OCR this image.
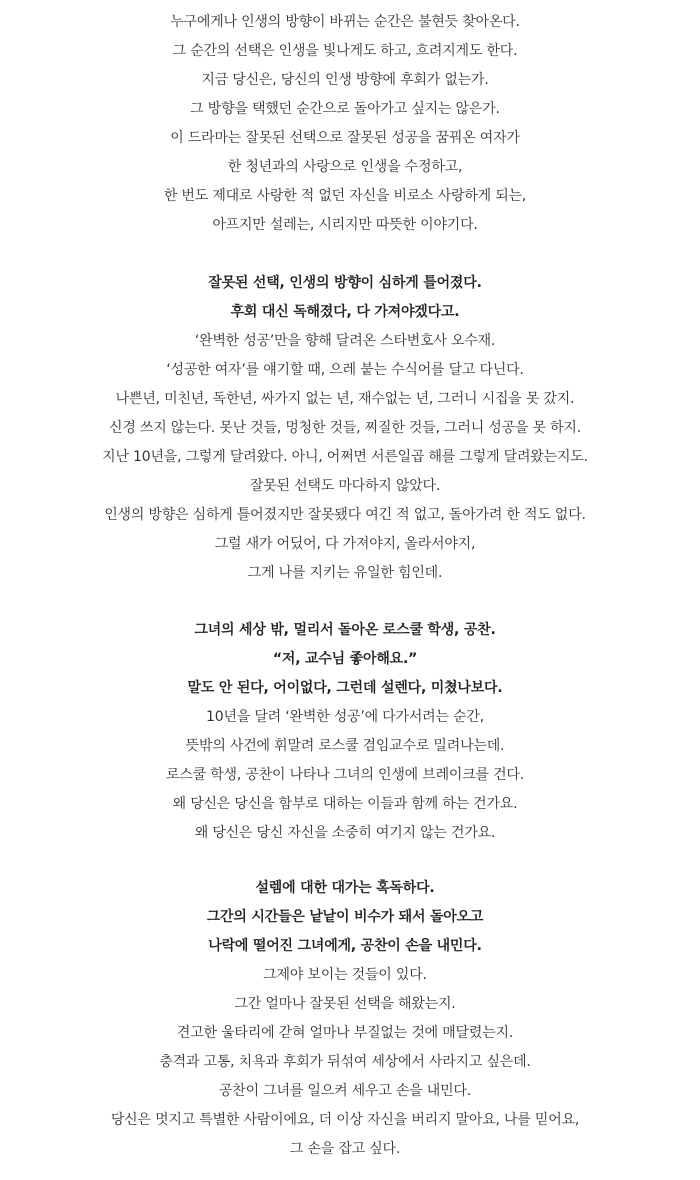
누구에게나 인생의 방향이 바뀌는 순간은 불현듯 찾아온다.
그 순간의 선택은 인생을 빛나게도 하고, 흐려지게도 한다.
지금 당신은, 당신의 인생 방향에 후회가 없는가.
그 방향을 택했던 순간으로 돌아가고 싶지는 않은가.
이 드라마는 잘못된 선택으로 잘못된 성공을 꿈꿔온 여자가
한 청년과의 사랑으로 인생을 수정하고,
한 번도 제대로 사랑한 적 없던 자신을 비로소 사랑하게 되는,
아프지만 설레는, 시리지만 따뜻한 이야기다.
잘못된 선택, 인생의 방향이 심하게 틀어졌다.
후회 대신 독해졌다, 다 가져야겠다고.
‘완벽한 성공’만을 향해 달려온 스타변호사 오수재.
‘성공한 여자’를 얘기할 때, 으레 붙는 수식어를 달고 다닌다.
나쁜년, 미친년, 독한년, 싸가지 없는 년, 재수없는 년, 그러니 시집을 못 갔지.
신경 쓰지 않는다. 못난 것들, 멍청한 것들, 찌질한 것들, 그러니 성공을 못 하지.
지난 10년을, 그렇게 달려왔다. 아니, 어쩌면 서른일곱 해를 그렇게 달려왔는지도.
잘못된 선택도 마다하지 않았다.
인생의 방향은 심하게 틀어졌지만 잘못됐다 여긴 적 없고, 돌아가려 한 적도 없다.
그럴 새가 어딨어, 다 가져야지, 올라서야지,
그게 나를 지키는 유일한 힘인데.
그녀의 세상 밖, 멀리서 돌아온 로스쿨 학생, 공찬.
“저, 교수님 좋아해요.”
말도 안 된다, 어이없다, 그런데 설렌다, 미쳤나보다.
10년을 달려 ‘완벽한 성공’에 다가서려는 순간,
뜻밖의 사건에 휘말려 로스쿨 겸임교수로 밀려나는데.
로스쿨 학생, 공찬이 나타나 그녀의 인생에 브레이크를 건다.
왜 당신은 당신을 함부로 대하는 이들과 함께 하는 건가요.
왜 당신은 당신 자신을 소중히 여기지 않는 건가요.
설렘에 대한 대가는 혹독하다.
그간의 시간들은 낱낱이 비수가 돼서 돌아오고
나락에 떨어진 그녀에게, 공찬이 손을 내민다.
그제야 보이는 것들이 있다.
그간 얼마나 잘못된 선택을 해왔는지.
견고한 울타리에 갇혀 얼마나 부질없는 것에 매달렸는지.
충격과 고통, 치욕과 후회가 뒤섞여 세상에서 사라지고 싶은데.
공찬이 그녀를 일으켜 세우고 손을 내민다.
당신은 멋지고 특별한 사람이에요, 더 이상 자신을 버리지 말아요, 나를 믿어요,
그 손을 잡고 싶다.
